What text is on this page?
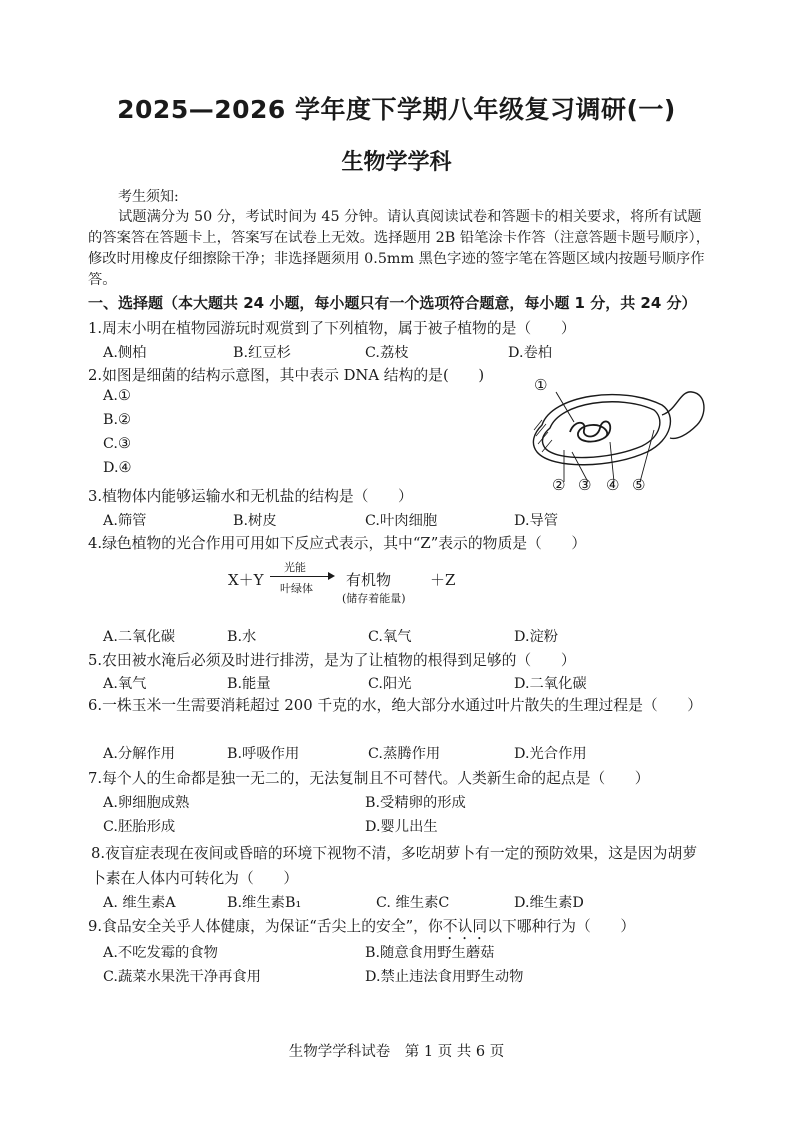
2025—2026 学年度下学期八年级复习调研(一)
生物学学科
考生须知:
试题满分为 50 分，考试时间为 45 分钟。请认真阅读试卷和答题卡的相关要求，将所有试题的答案答在答题卡上，答案写在试卷上无效。选择题用 2B 铅笔涂卡作答（注意答题卡题号顺序），修改时用橡皮仔细擦除干净；非选择题须用 0.5mm 黑色字迹的签字笔在答题区域内按题号顺序作答。
一、选择题（本大题共 24 小题，每小题只有一个选项符合题意，每小题 1 分，共 24 分）
1.周末小明在植物园游玩时观赏到了下列植物，属于被子植物的是（　　）
A.侧柏	B.红豆杉	C.荔枝	D.卷柏
2.如图是细菌的结构示意图，其中表示 DNA 结构的是(　　)
A.①
B.②
C.③
D.④
①
② ③ ④ ⑤
3.植物体内能够运输水和无机盐的结构是（　　）
A.筛管	B.树皮	C.叶肉细胞	D.导管
4.绿色植物的光合作用可用如下反应式表示，其中“Z”表示的物质是（　　）
X＋Y
光能
叶绿体 有机物
(储存着能量)
＋Z
A.二氧化碳	B.水	C.氧气	D.淀粉
5.农田被水淹后必须及时进行排涝，是为了让植物的根得到足够的（　　）
A.氧气	B.能量	C.阳光	D.二氧化碳
6.一株玉米一生需要消耗超过 200 千克的水，绝大部分水通过叶片散失的生理过程是（　　）
A.分解作用	B.呼吸作用	C.蒸腾作用	D.光合作用
7.每个人的生命都是独一无二的，无法复制且不可替代。人类新生命的起点是（　　）
A.卵细胞成熟	B.受精卵的形成
C.胚胎形成	D.婴儿出生
8.夜盲症表现在夜间或昏暗的环境下视物不清，多吃胡萝卜有一定的预防效果，这是因为胡萝卜素在人体内可转化为（　　）
A. 维生素A	B.维生素B₁	C. 维生素C	D.维生素D
9.食品安全关乎人体健康，为保证“舌尖上的安全”，你不认同以下哪种行为（　　）
A.不吃发霉的食物	B.随意食用野生蘑菇
C.蔬菜水果洗干净再食用	D.禁止违法食用野生动物
生物学学科试卷　第 1 页 共 6 页
